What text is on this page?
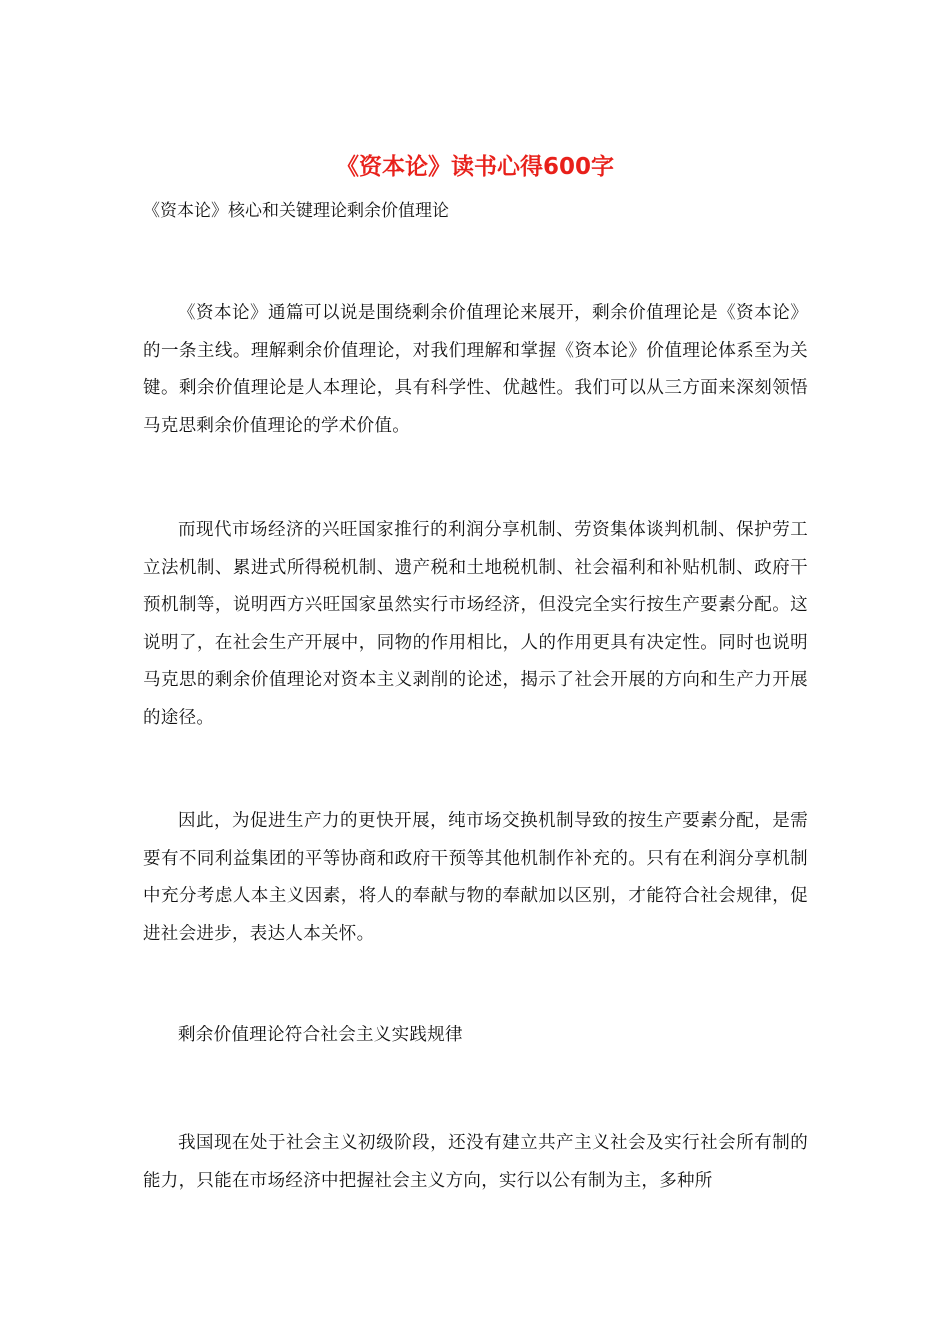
《资本论》读书心得600字

《资本论》核心和关键理论剩余价值理论

《资本论》通篇可以说是围绕剩余价值理论来展开，剩余价值理论是《资本论》的一条主线。理解剩余价值理论，对我们理解和掌握《资本论》价值理论体系至为关键。剩余价值理论是人本理论，具有科学性、优越性。我们可以从三方面来深刻领悟马克思剩余价值理论的学术价值。

而现代市场经济的兴旺国家推行的利润分享机制、劳资集体谈判机制、保护劳工立法机制、累进式所得税机制、遗产税和土地税机制、社会福利和补贴机制、政府干预机制等，说明西方兴旺国家虽然实行市场经济，但没完全实行按生产要素分配。这说明了，在社会生产开展中，同物的作用相比，人的作用更具有决定性。同时也说明马克思的剩余价值理论对资本主义剥削的论述，揭示了社会开展的方向和生产力开展的途径。

因此，为促进生产力的更快开展，纯市场交换机制导致的按生产要素分配，是需要有不同利益集团的平等协商和政府干预等其他机制作补充的。只有在利润分享机制中充分考虑人本主义因素，将人的奉献与物的奉献加以区别，才能符合社会规律，促进社会进步，表达人本关怀。

剩余价值理论符合社会主义实践规律

我国现在处于社会主义初级阶段，还没有建立共产主义社会及实行社会所有制的能力，只能在市场经济中把握社会主义方向，实行以公有制为主，多种所
